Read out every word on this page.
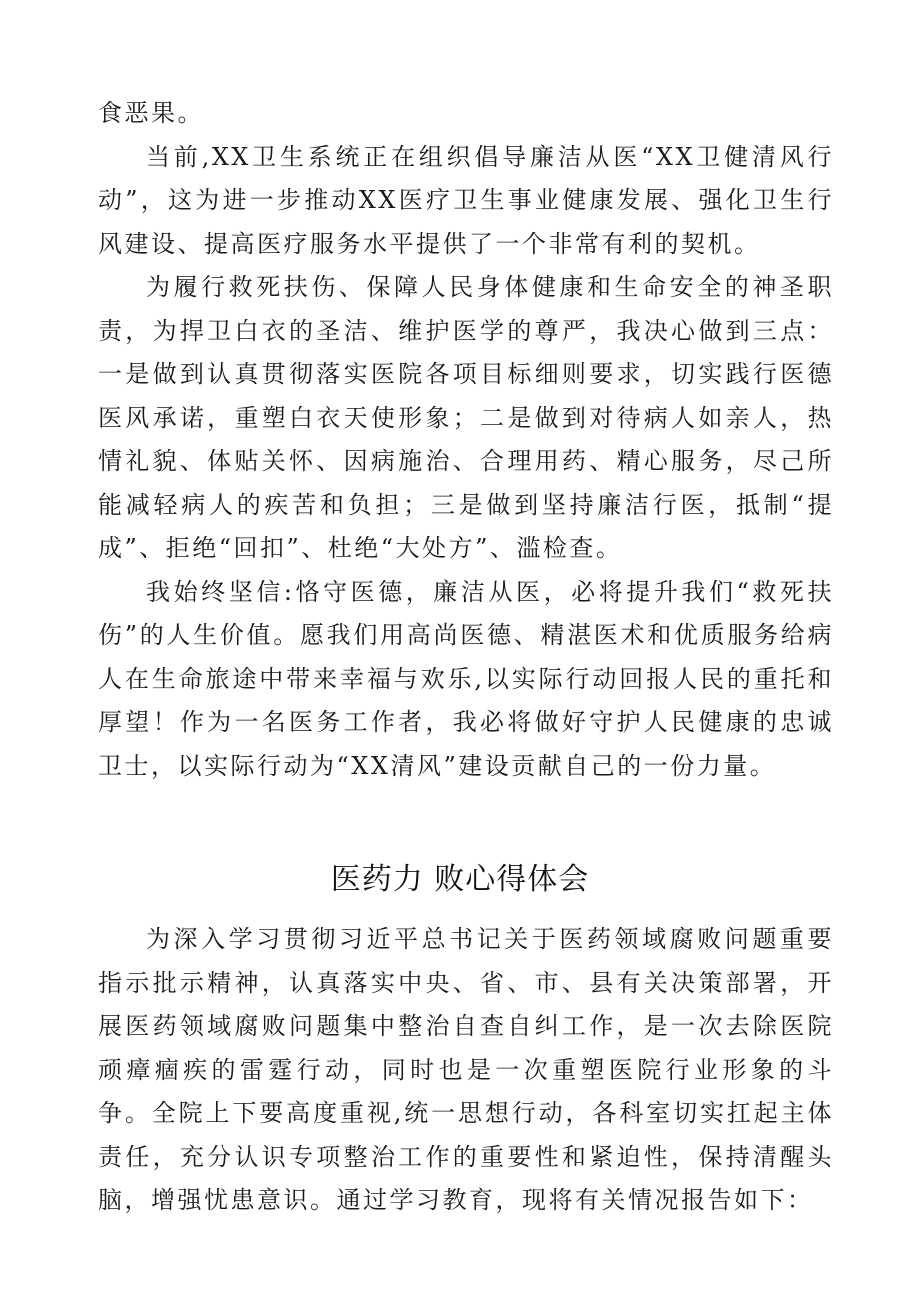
食恶果。

当前,XX卫生系统正在组织倡导廉洁从医“XX卫健清风行动”，这为进一步推动XX医疗卫生事业健康发展、强化卫生行风建设、提高医疗服务水平提供了一个非常有利的契机。

为履行救死扶伤、保障人民身体健康和生命安全的神圣职责，为捍卫白衣的圣洁、维护医学的尊严，我决心做到三点：一是做到认真贯彻落实医院各项目标细则要求，切实践行医德医风承诺，重塑白衣天使形象；二是做到对待病人如亲人，热情礼貌、体贴关怀、因病施治、合理用药、精心服务，尽己所能减轻病人的疾苦和负担；三是做到坚持廉洁行医，抵制“提成”、拒绝“回扣”、杜绝“大处方”、滥检查。

我始终坚信:恪守医德，廉洁从医，必将提升我们“救死扶伤”的人生价值。愿我们用高尚医德、精湛医术和优质服务给病人在生命旅途中带来幸福与欢乐,以实际行动回报人民的重托和厚望！作为一名医务工作者，我必将做好守护人民健康的忠诚卫士，以实际行动为“XX清风”建设贡献自己的一份力量。

医药力 败心得体会

为深入学习贯彻习近平总书记关于医药领域腐败问题重要指示批示精神，认真落实中央、省、市、县有关决策部署，开展医药领域腐败问题集中整治自查自纠工作，是一次去除医院顽瘴痼疾的雷霆行动，同时也是一次重塑医院行业形象的斗争。全院上下要高度重视,统一思想行动，各科室切实扛起主体责任，充分认识专项整治工作的重要性和紧迫性，保持清醒头脑，增强忧患意识。通过学习教育，现将有关情况报告如下：
